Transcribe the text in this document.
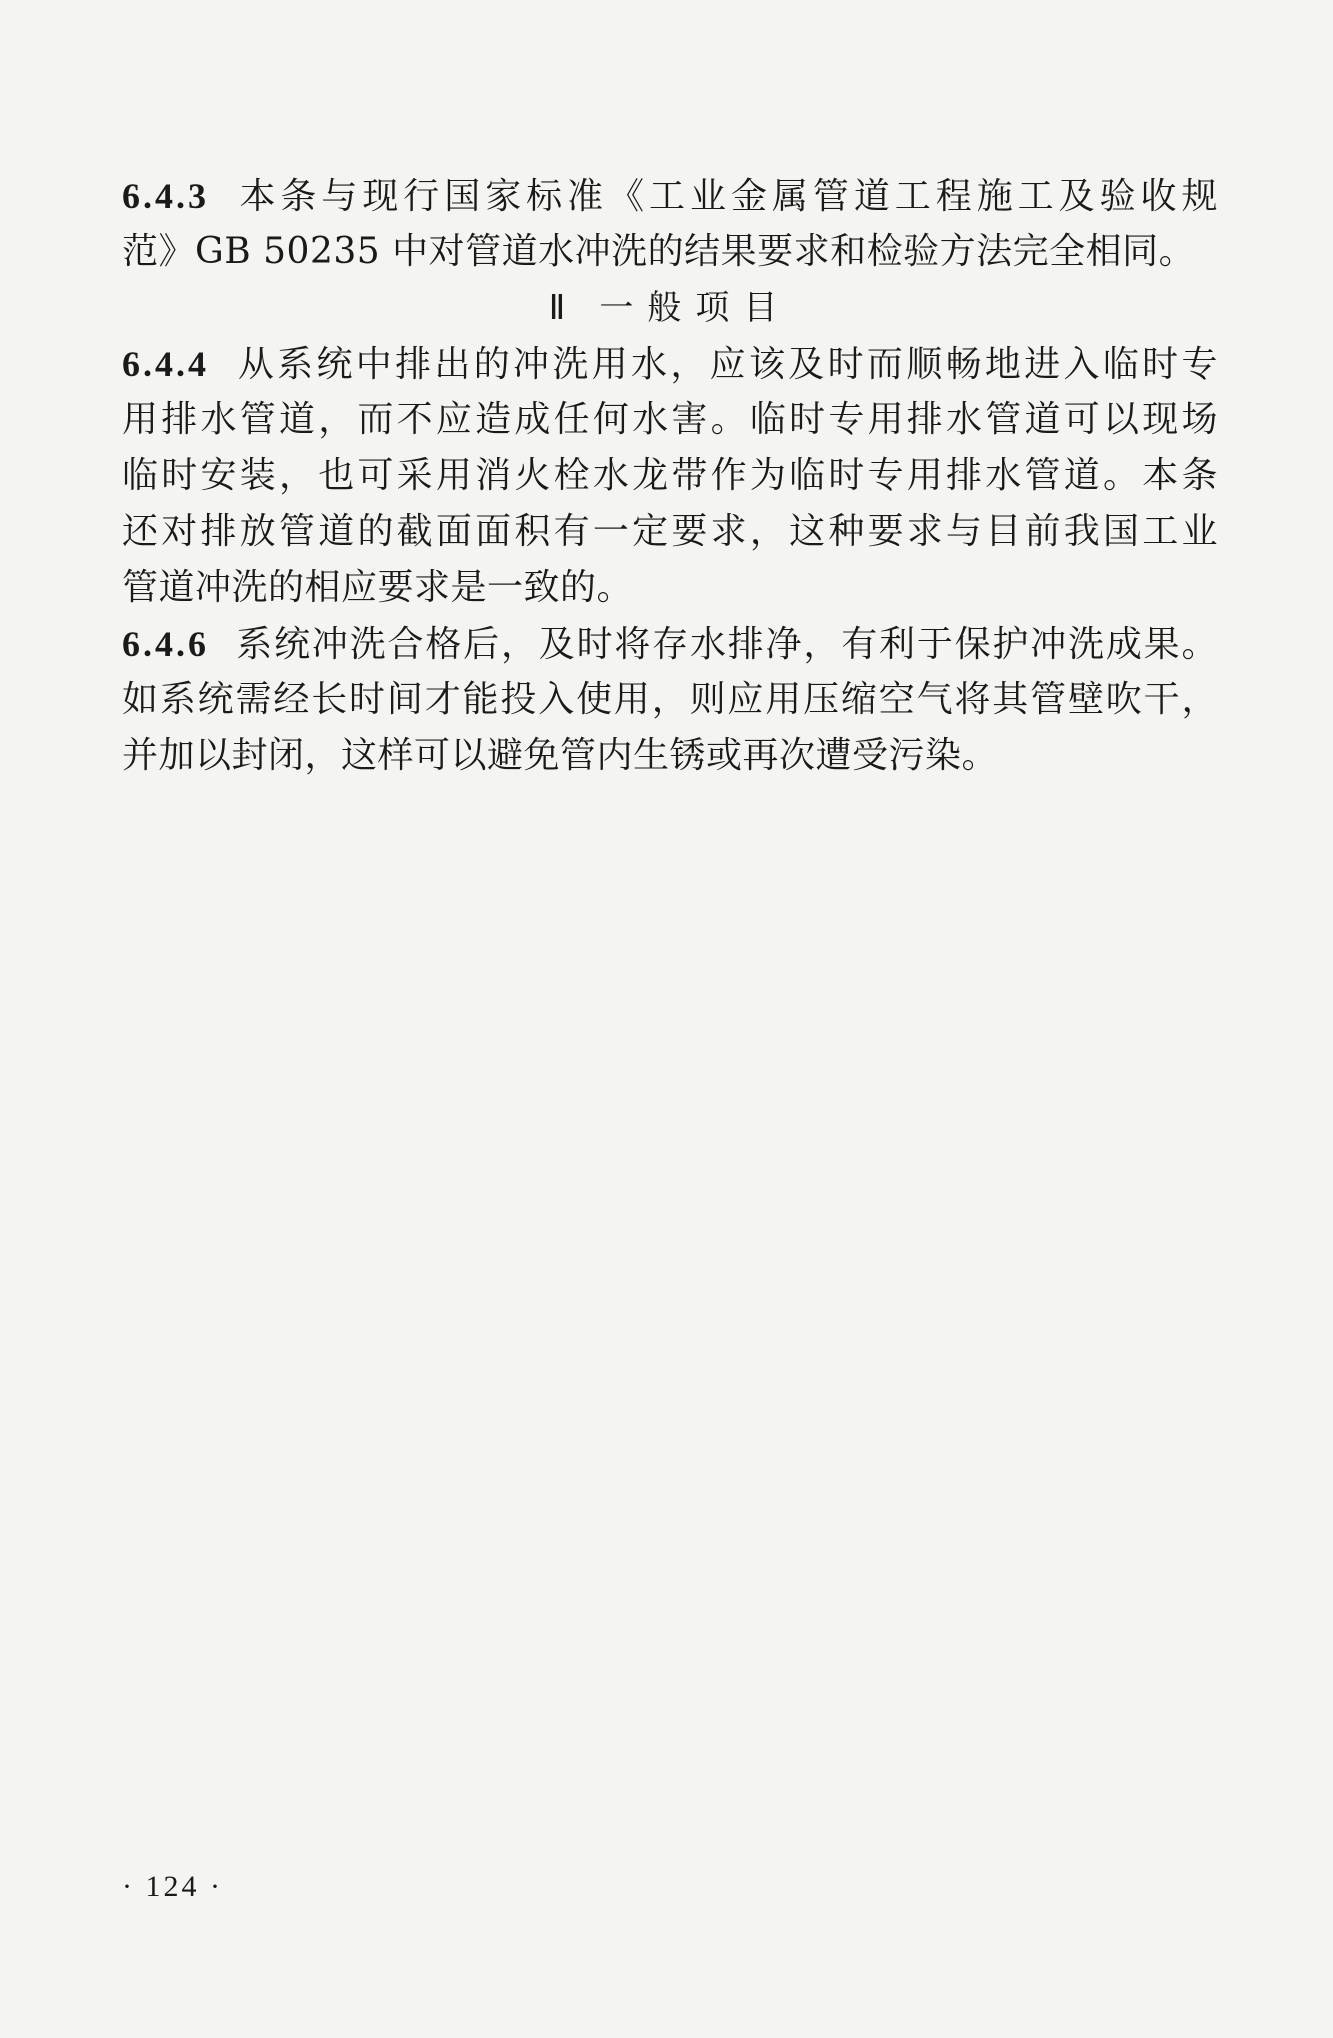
6.4.3 本条与现行国家标准《工业金属管道工程施工及验收规
范》GB 50235 中对管道水冲洗的结果要求和检验方法完全相同。
Ⅱ 一般项目
6.4.4 从系统中排出的冲洗用水，应该及时而顺畅地进入临时专
用排水管道，而不应造成任何水害。临时专用排水管道可以现场
临时安装，也可采用消火栓水龙带作为临时专用排水管道。本条
还对排放管道的截面面积有一定要求，这种要求与目前我国工业
管道冲洗的相应要求是一致的。
6.4.6 系统冲洗合格后，及时将存水排净，有利于保护冲洗成果。
如系统需经长时间才能投入使用，则应用压缩空气将其管壁吹干，
并加以封闭，这样可以避免管内生锈或再次遭受污染。
· 124 ·
